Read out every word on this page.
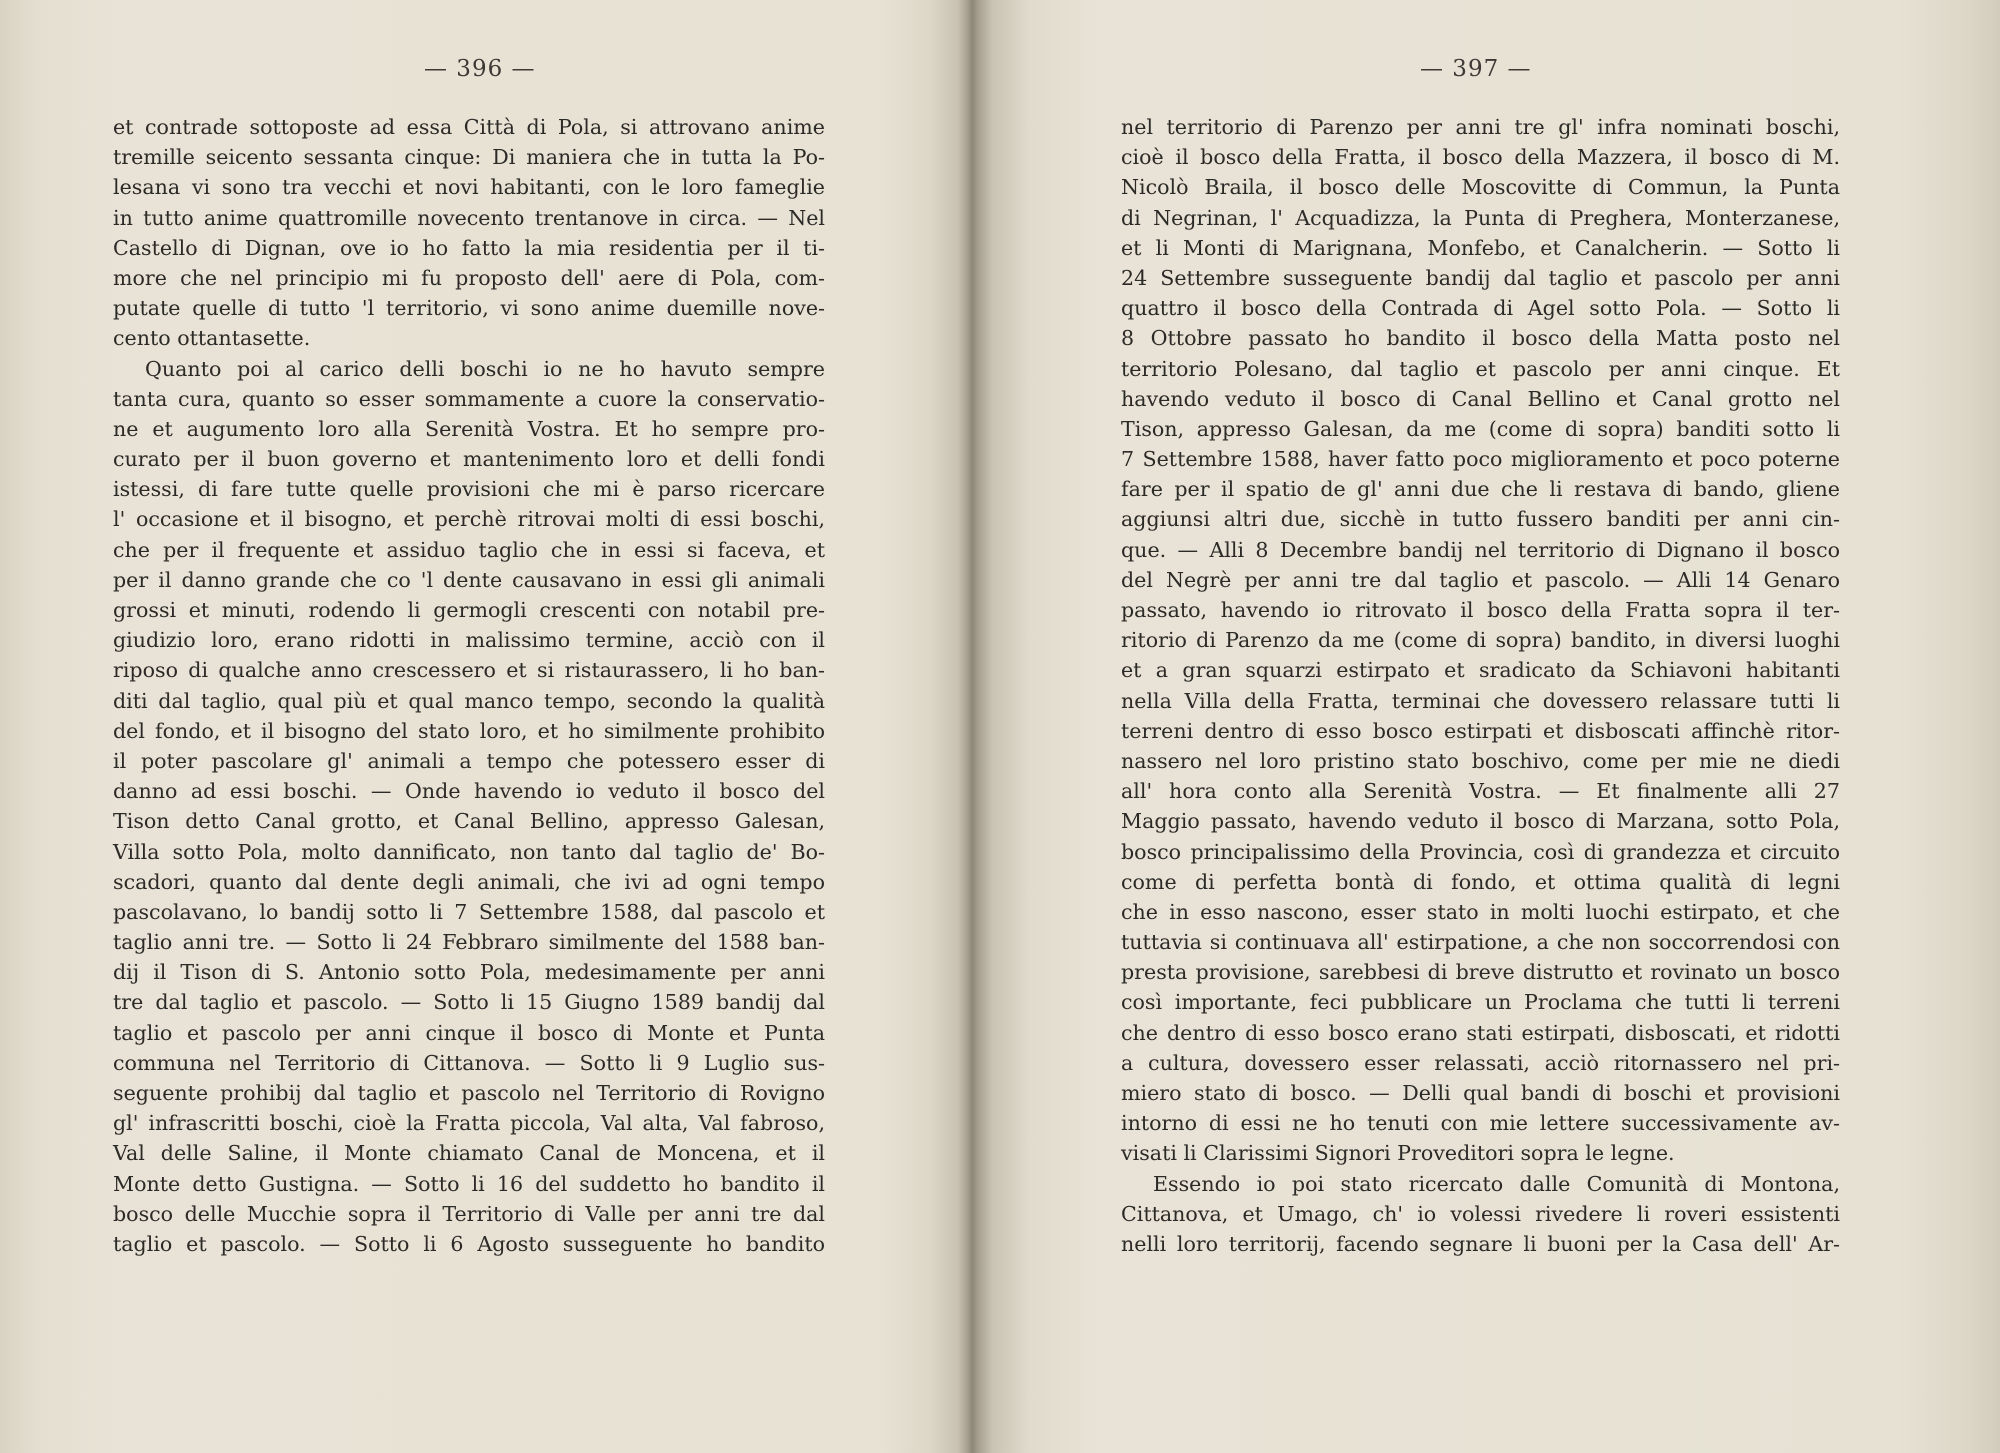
— 396 —
et contrade sottoposte ad essa Città di Pola, si attrovano anime
tremille seicento sessanta cinque: Di maniera che in tutta la Po-
lesana vi sono tra vecchi et novi habitanti, con le loro fameglie
in tutto anime quattromille novecento trentanove in circa. — Nel
Castello di Dignan, ove io ho fatto la mia residentia per il ti-
more che nel principio mi fu proposto dell' aere di Pola, com-
putate quelle di tutto 'l territorio, vi sono anime duemille nove-
cento ottantasette.
Quanto poi al carico delli boschi io ne ho havuto sempre
tanta cura, quanto so esser sommamente a cuore la conservatio-
ne et augumento loro alla Serenità Vostra. Et ho sempre pro-
curato per il buon governo et mantenimento loro et delli fondi
istessi, di fare tutte quelle provisioni che mi è parso ricercare
l' occasione et il bisogno, et perchè ritrovai molti di essi boschi,
che per il frequente et assiduo taglio che in essi si faceva, et
per il danno grande che co 'l dente causavano in essi gli animali
grossi et minuti, rodendo li germogli crescenti con notabil pre-
giudizio loro, erano ridotti in malissimo termine, acciò con il
riposo di qualche anno crescessero et si ristaurassero, li ho ban-
diti dal taglio, qual più et qual manco tempo, secondo la qualità
del fondo, et il bisogno del stato loro, et ho similmente prohibito
il poter pascolare gl' animali a tempo che potessero esser di
danno ad essi boschi. — Onde havendo io veduto il bosco del
Tison detto Canal grotto, et Canal Bellino, appresso Galesan,
Villa sotto Pola, molto dannificato, non tanto dal taglio de' Bo-
scadori, quanto dal dente degli animali, che ivi ad ogni tempo
pascolavano, lo bandij sotto li 7 Settembre 1588, dal pascolo et
taglio anni tre. — Sotto li 24 Febbraro similmente del 1588 ban-
dij il Tison di S. Antonio sotto Pola, medesimamente per anni
tre dal taglio et pascolo. — Sotto li 15 Giugno 1589 bandij dal
taglio et pascolo per anni cinque il bosco di Monte et Punta
communa nel Territorio di Cittanova. — Sotto li 9 Luglio sus-
seguente prohibij dal taglio et pascolo nel Territorio di Rovigno
gl' infrascritti boschi, cioè la Fratta piccola, Val alta, Val fabroso,
Val delle Saline, il Monte chiamato Canal de Moncena, et il
Monte detto Gustigna. — Sotto li 16 del suddetto ho bandito il
bosco delle Mucchie sopra il Territorio di Valle per anni tre dal
taglio et pascolo. — Sotto li 6 Agosto susseguente ho bandito
— 397 —
nel territorio di Parenzo per anni tre gl' infra nominati boschi,
cioè il bosco della Fratta, il bosco della Mazzera, il bosco di M.
Nicolò Braila, il bosco delle Moscovitte di Commun, la Punta
di Negrinan, l' Acquadizza, la Punta di Preghera, Monterzanese,
et li Monti di Marignana, Monfebo, et Canalcherin. — Sotto li
24 Settembre susseguente bandij dal taglio et pascolo per anni
quattro il bosco della Contrada di Agel sotto Pola. — Sotto li
8 Ottobre passato ho bandito il bosco della Matta posto nel
territorio Polesano, dal taglio et pascolo per anni cinque. Et
havendo veduto il bosco di Canal Bellino et Canal grotto nel
Tison, appresso Galesan, da me (come di sopra) banditi sotto li
7 Settembre 1588, haver fatto poco miglioramento et poco poterne
fare per il spatio de gl' anni due che li restava di bando, gliene
aggiunsi altri due, sicchè in tutto fussero banditi per anni cin-
que. — Alli 8 Decembre bandij nel territorio di Dignano il bosco
del Negrè per anni tre dal taglio et pascolo. — Alli 14 Genaro
passato, havendo io ritrovato il bosco della Fratta sopra il ter-
ritorio di Parenzo da me (come di sopra) bandito, in diversi luoghi
et a gran squarzi estirpato et sradicato da Schiavoni habitanti
nella Villa della Fratta, terminai che dovessero relassare tutti li
terreni dentro di esso bosco estirpati et disboscati affinchè ritor-
nassero nel loro pristino stato boschivo, come per mie ne diedi
all' hora conto alla Serenità Vostra. — Et finalmente alli 27
Maggio passato, havendo veduto il bosco di Marzana, sotto Pola,
bosco principalissimo della Provincia, così di grandezza et circuito
come di perfetta bontà di fondo, et ottima qualità di legni
che in esso nascono, esser stato in molti luochi estirpato, et che
tuttavia si continuava all' estirpatione, a che non soccorrendosi con
presta provisione, sarebbesi di breve distrutto et rovinato un bosco
così importante, feci pubblicare un Proclama che tutti li terreni
che dentro di esso bosco erano stati estirpati, disboscati, et ridotti
a cultura, dovessero esser relassati, acciò ritornassero nel pri-
miero stato di bosco. — Delli qual bandi di boschi et provisioni
intorno di essi ne ho tenuti con mie lettere successivamente av-
visati li Clarissimi Signori Proveditori sopra le legne.
Essendo io poi stato ricercato dalle Comunità di Montona,
Cittanova, et Umago, ch' io volessi rivedere li roveri essistenti
nelli loro territorij, facendo segnare li buoni per la Casa dell' Ar-
